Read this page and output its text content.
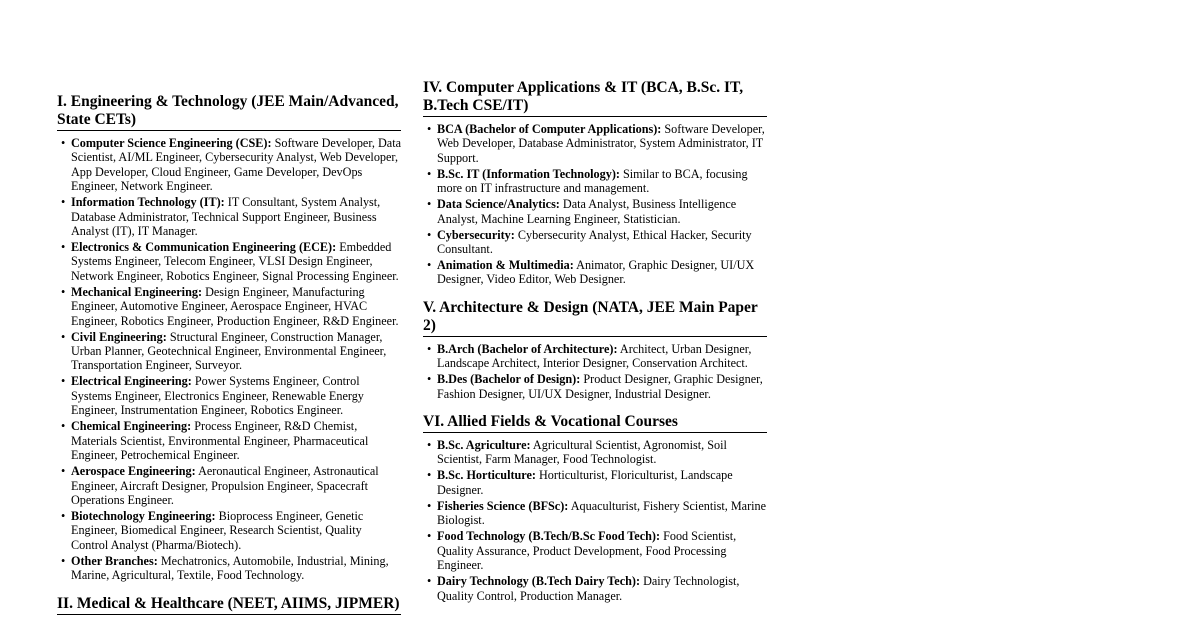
I. Engineering & Technology (JEE Main/Advanced, State CETs)
• Computer Science Engineering (CSE): Software Developer, Data Scientist, AI/ML Engineer, Cybersecurity Analyst, Web Developer, App Developer, Cloud Engineer, Game Developer, DevOps Engineer, Network Engineer.
• Information Technology (IT): IT Consultant, System Analyst, Database Administrator, Technical Support Engineer, Business Analyst (IT), IT Manager.
• Electronics & Communication Engineering (ECE): Embedded Systems Engineer, Telecom Engineer, VLSI Design Engineer, Network Engineer, Robotics Engineer, Signal Processing Engineer.
• Mechanical Engineering: Design Engineer, Manufacturing Engineer, Automotive Engineer, Aerospace Engineer, HVAC Engineer, Robotics Engineer, Production Engineer, R&D Engineer.
• Civil Engineering: Structural Engineer, Construction Manager, Urban Planner, Geotechnical Engineer, Environmental Engineer, Transportation Engineer, Surveyor.
• Electrical Engineering: Power Systems Engineer, Control Systems Engineer, Electronics Engineer, Renewable Energy Engineer, Instrumentation Engineer, Robotics Engineer.
• Chemical Engineering: Process Engineer, R&D Chemist, Materials Scientist, Environmental Engineer, Pharmaceutical Engineer, Petrochemical Engineer.
• Aerospace Engineering: Aeronautical Engineer, Astronautical Engineer, Aircraft Designer, Propulsion Engineer, Spacecraft Operations Engineer.
• Biotechnology Engineering: Bioprocess Engineer, Genetic Engineer, Biomedical Engineer, Research Scientist, Quality Control Analyst (Pharma/Biotech).
• Other Branches: Mechatronics, Automobile, Industrial, Mining, Marine, Agricultural, Textile, Food Technology.
II. Medical & Healthcare (NEET, AIIMS, JIPMER)
IV. Computer Applications & IT (BCA, B.Sc. IT, B.Tech CSE/IT)
• BCA (Bachelor of Computer Applications): Software Developer, Web Developer, Database Administrator, System Administrator, IT Support.
• B.Sc. IT (Information Technology): Similar to BCA, focusing more on IT infrastructure and management.
• Data Science/Analytics: Data Analyst, Business Intelligence Analyst, Machine Learning Engineer, Statistician.
• Cybersecurity: Cybersecurity Analyst, Ethical Hacker, Security Consultant.
• Animation & Multimedia: Animator, Graphic Designer, UI/UX Designer, Video Editor, Web Designer.
V. Architecture & Design (NATA, JEE Main Paper 2)
• B.Arch (Bachelor of Architecture): Architect, Urban Designer, Landscape Architect, Interior Designer, Conservation Architect.
• B.Des (Bachelor of Design): Product Designer, Graphic Designer, Fashion Designer, UI/UX Designer, Industrial Designer.
VI. Allied Fields & Vocational Courses
• B.Sc. Agriculture: Agricultural Scientist, Agronomist, Soil Scientist, Farm Manager, Food Technologist.
• B.Sc. Horticulture: Horticulturist, Floriculturist, Landscape Designer.
• Fisheries Science (BFSc): Aquaculturist, Fishery Scientist, Marine Biologist.
• Food Technology (B.Tech/B.Sc Food Tech): Food Scientist, Quality Assurance, Product Development, Food Processing Engineer.
• Dairy Technology (B.Tech Dairy Tech): Dairy Technologist, Quality Control, Production Manager.
